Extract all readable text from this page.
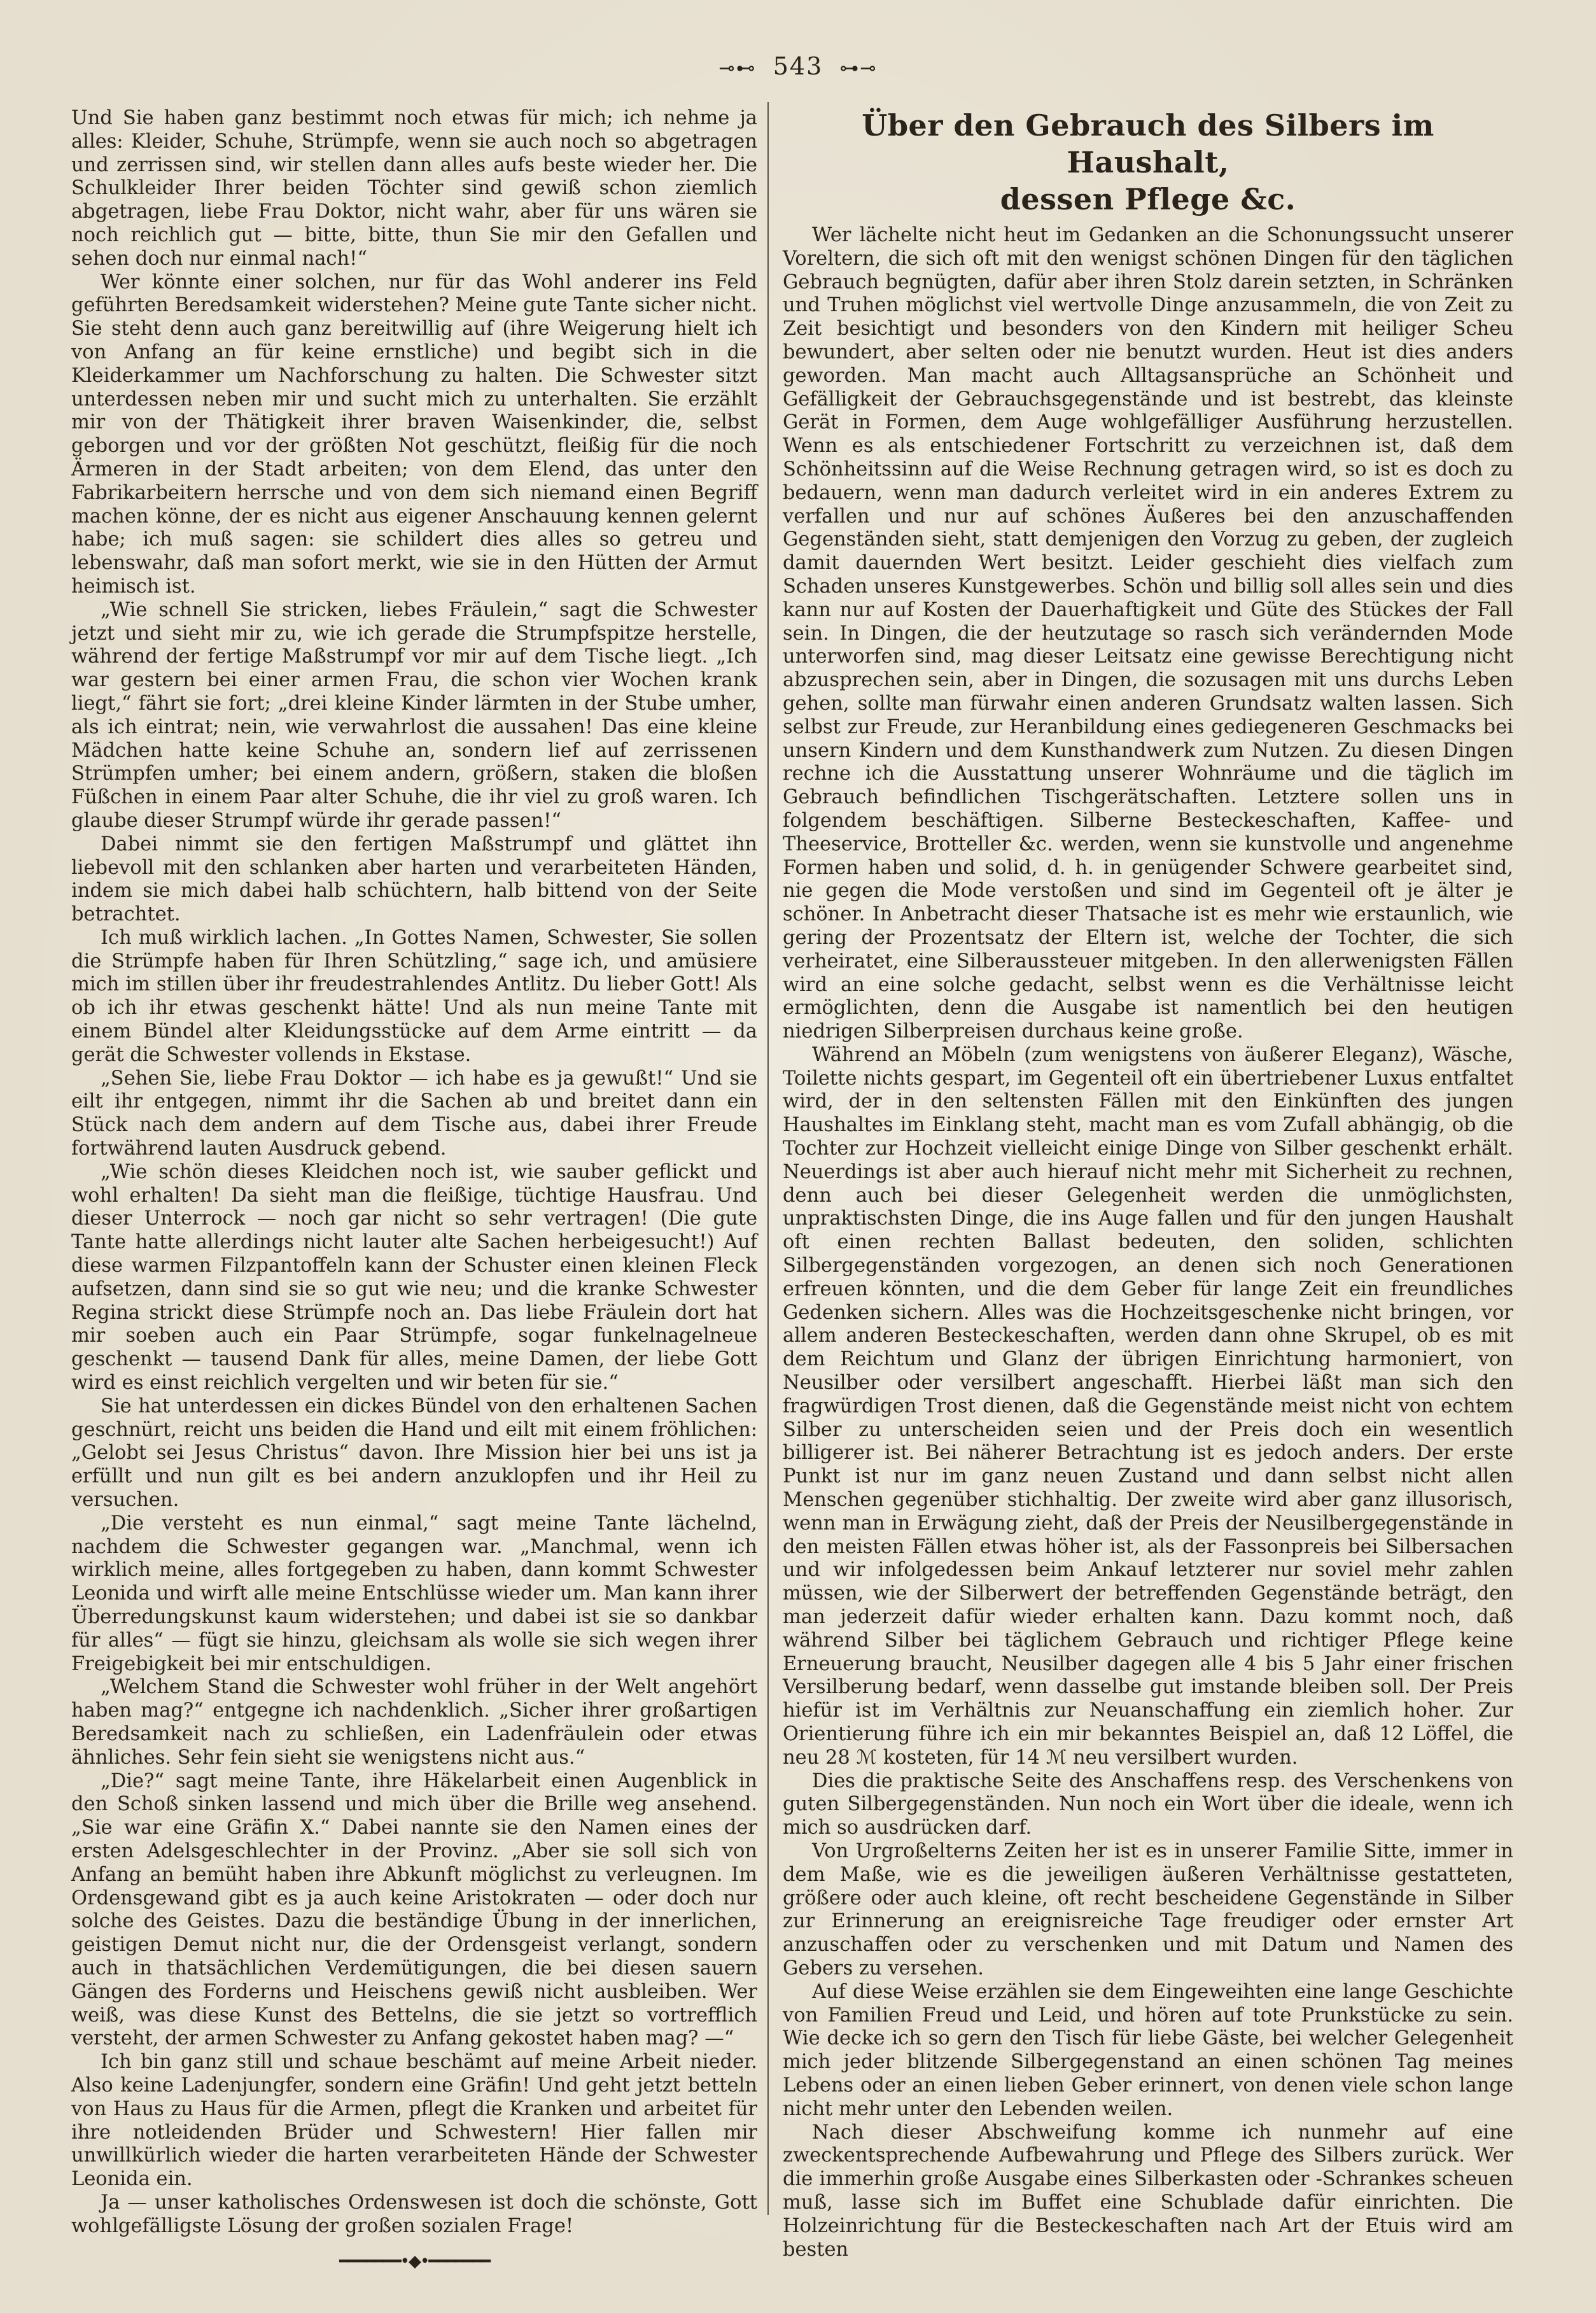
⊸⊷ 543 ⊶⊸

Und Sie haben ganz bestimmt noch etwas für mich; ich nehme ja alles: Kleider, Schuhe, Strümpfe, wenn sie auch noch so abgetragen und zerrissen sind, wir stellen dann alles aufs beste wieder her. Die Schulkleider Ihrer beiden Töchter sind gewiß schon ziemlich abgetragen, liebe Frau Doktor, nicht wahr, aber für uns wären sie noch reichlich gut — bitte, bitte, thun Sie mir den Gefallen und sehen doch nur einmal nach!“

Wer könnte einer solchen, nur für das Wohl anderer ins Feld geführten Beredsamkeit widerstehen? Meine gute Tante sicher nicht. Sie steht denn auch ganz bereitwillig auf (ihre Weigerung hielt ich von Anfang an für keine ernstliche) und begibt sich in die Kleiderkammer um Nachforschung zu halten. Die Schwester sitzt unterdessen neben mir und sucht mich zu unterhalten. Sie erzählt mir von der Thätigkeit ihrer braven Waisenkinder, die, selbst geborgen und vor der größten Not geschützt, fleißig für die noch Ärmeren in der Stadt arbeiten; von dem Elend, das unter den Fabrikarbeitern herrsche und von dem sich niemand einen Begriff machen könne, der es nicht aus eigener Anschauung kennen gelernt habe; ich muß sagen: sie schildert dies alles so getreu und lebenswahr, daß man sofort merkt, wie sie in den Hütten der Armut heimisch ist.

„Wie schnell Sie stricken, liebes Fräulein,“ sagt die Schwester jetzt und sieht mir zu, wie ich gerade die Strumpfspitze herstelle, während der fertige Maßstrumpf vor mir auf dem Tische liegt. „Ich war gestern bei einer armen Frau, die schon vier Wochen krank liegt,“ fährt sie fort; „drei kleine Kinder lärmten in der Stube umher, als ich eintrat; nein, wie verwahrlost die aussahen! Das eine kleine Mädchen hatte keine Schuhe an, sondern lief auf zerrissenen Strümpfen umher; bei einem andern, größern, staken die bloßen Füßchen in einem Paar alter Schuhe, die ihr viel zu groß waren. Ich glaube dieser Strumpf würde ihr gerade passen!“

Dabei nimmt sie den fertigen Maßstrumpf und glättet ihn liebevoll mit den schlanken aber harten und verarbeiteten Händen, indem sie mich dabei halb schüchtern, halb bittend von der Seite betrachtet.

Ich muß wirklich lachen. „In Gottes Namen, Schwester, Sie sollen die Strümpfe haben für Ihren Schützling,“ sage ich, und amüsiere mich im stillen über ihr freudestrahlendes Antlitz. Du lieber Gott! Als ob ich ihr etwas geschenkt hätte! Und als nun meine Tante mit einem Bündel alter Kleidungsstücke auf dem Arme eintritt — da gerät die Schwester vollends in Ekstase.

„Sehen Sie, liebe Frau Doktor — ich habe es ja gewußt!“ Und sie eilt ihr entgegen, nimmt ihr die Sachen ab und breitet dann ein Stück nach dem andern auf dem Tische aus, dabei ihrer Freude fortwährend lauten Ausdruck gebend.

„Wie schön dieses Kleidchen noch ist, wie sauber geflickt und wohl erhalten! Da sieht man die fleißige, tüchtige Hausfrau. Und dieser Unterrock — noch gar nicht so sehr vertragen! (Die gute Tante hatte allerdings nicht lauter alte Sachen herbeigesucht!) Auf diese warmen Filzpantoffeln kann der Schuster einen kleinen Fleck aufsetzen, dann sind sie so gut wie neu; und die kranke Schwester Regina strickt diese Strümpfe noch an. Das liebe Fräulein dort hat mir soeben auch ein Paar Strümpfe, sogar funkelnagelneue geschenkt — tausend Dank für alles, meine Damen, der liebe Gott wird es einst reichlich vergelten und wir beten für sie.“

Sie hat unterdessen ein dickes Bündel von den erhaltenen Sachen geschnürt, reicht uns beiden die Hand und eilt mit einem fröhlichen: „Gelobt sei Jesus Christus“ davon. Ihre Mission hier bei uns ist ja erfüllt und nun gilt es bei andern anzuklopfen und ihr Heil zu versuchen.

„Die versteht es nun einmal,“ sagt meine Tante lächelnd, nachdem die Schwester gegangen war. „Manchmal, wenn ich wirklich meine, alles fortgegeben zu haben, dann kommt Schwester Leonida und wirft alle meine Entschlüsse wieder um. Man kann ihrer Überredungskunst kaum widerstehen; und dabei ist sie so dankbar für alles“ — fügt sie hinzu, gleichsam als wolle sie sich wegen ihrer Freigebigkeit bei mir entschuldigen.

„Welchem Stand die Schwester wohl früher in der Welt angehört haben mag?“ entgegne ich nachdenklich. „Sicher ihrer großartigen Beredsamkeit nach zu schließen, ein Ladenfräulein oder etwas ähnliches. Sehr fein sieht sie wenigstens nicht aus.“

„Die?“ sagt meine Tante, ihre Häkelarbeit einen Augenblick in den Schoß sinken lassend und mich über die Brille weg ansehend. „Sie war eine Gräfin X.“ Dabei nannte sie den Namen eines der ersten Adelsgeschlechter in der Provinz. „Aber sie soll sich von Anfang an bemüht haben ihre Abkunft möglichst zu verleugnen. Im Ordensgewand gibt es ja auch keine Aristokraten — oder doch nur solche des Geistes. Dazu die beständige Übung in der innerlichen, geistigen Demut nicht nur, die der Ordensgeist verlangt, sondern auch in thatsächlichen Verdemütigungen, die bei diesen sauern Gängen des Forderns und Heischens gewiß nicht ausbleiben. Wer weiß, was diese Kunst des Bettelns, die sie jetzt so vortrefflich versteht, der armen Schwester zu Anfang gekostet haben mag? —“

Ich bin ganz still und schaue beschämt auf meine Arbeit nieder. Also keine Ladenjungfer, sondern eine Gräfin! Und geht jetzt betteln von Haus zu Haus für die Armen, pflegt die Kranken und arbeitet für ihre notleidenden Brüder und Schwestern! Hier fallen mir unwillkürlich wieder die harten verarbeiteten Hände der Schwester Leonida ein.

Ja — unser katholisches Ordenswesen ist doch die schönste, Gott wohlgefälligste Lösung der großen sozialen Frage!

━━━━━━━•◆•━━━━━━━
Über den Gebrauch des Silbers im Haushalt,
dessen Pflege &c.

Wer lächelte nicht heut im Gedanken an die Schonungssucht unserer Voreltern, die sich oft mit den wenigst schönen Dingen für den täglichen Gebrauch begnügten, dafür aber ihren Stolz darein setzten, in Schränken und Truhen möglichst viel wertvolle Dinge anzusammeln, die von Zeit zu Zeit besichtigt und besonders von den Kindern mit heiliger Scheu bewundert, aber selten oder nie benutzt wurden. Heut ist dies anders geworden. Man macht auch Alltagsansprüche an Schönheit und Gefälligkeit der Gebrauchsgegenstände und ist bestrebt, das kleinste Gerät in Formen, dem Auge wohlgefälliger Ausführung herzustellen. Wenn es als entschiedener Fortschritt zu verzeichnen ist, daß dem Schönheitssinn auf die Weise Rechnung getragen wird, so ist es doch zu bedauern, wenn man dadurch verleitet wird in ein anderes Extrem zu verfallen und nur auf schönes Äußeres bei den anzuschaffenden Gegenständen sieht, statt demjenigen den Vorzug zu geben, der zugleich damit dauernden Wert besitzt. Leider geschieht dies vielfach zum Schaden unseres Kunstgewerbes. Schön und billig soll alles sein und dies kann nur auf Kosten der Dauerhaftigkeit und Güte des Stückes der Fall sein. In Dingen, die der heutzutage so rasch sich verändernden Mode unterworfen sind, mag dieser Leitsatz eine gewisse Berechtigung nicht abzusprechen sein, aber in Dingen, die sozusagen mit uns durchs Leben gehen, sollte man fürwahr einen anderen Grundsatz walten lassen. Sich selbst zur Freude, zur Heranbildung eines gediegeneren Geschmacks bei unsern Kindern und dem Kunsthandwerk zum Nutzen. Zu diesen Dingen rechne ich die Ausstattung unserer Wohnräume und die täglich im Gebrauch befindlichen Tischgerätschaften. Letztere sollen uns in folgendem beschäftigen. Silberne Besteckeschaften, Kaffee- und Theeservice, Brotteller &c. werden, wenn sie kunstvolle und angenehme Formen haben und solid, d. h. in genügender Schwere gearbeitet sind, nie gegen die Mode verstoßen und sind im Gegenteil oft je älter je schöner. In Anbetracht dieser Thatsache ist es mehr wie erstaunlich, wie gering der Prozentsatz der Eltern ist, welche der Tochter, die sich verheiratet, eine Silberaussteuer mitgeben. In den allerwenigsten Fällen wird an eine solche gedacht, selbst wenn es die Verhältnisse leicht ermöglichten, denn die Ausgabe ist namentlich bei den heutigen niedrigen Silberpreisen durchaus keine große.

Während an Möbeln (zum wenigstens von äußerer Eleganz), Wäsche, Toilette nichts gespart, im Gegenteil oft ein übertriebener Luxus entfaltet wird, der in den seltensten Fällen mit den Einkünften des jungen Haushaltes im Einklang steht, macht man es vom Zufall abhängig, ob die Tochter zur Hochzeit vielleicht einige Dinge von Silber geschenkt erhält. Neuerdings ist aber auch hierauf nicht mehr mit Sicherheit zu rechnen, denn auch bei dieser Gelegenheit werden die unmöglichsten, unpraktischsten Dinge, die ins Auge fallen und für den jungen Haushalt oft einen rechten Ballast bedeuten, den soliden, schlichten Silbergegenständen vorgezogen, an denen sich noch Generationen erfreuen könnten, und die dem Geber für lange Zeit ein freundliches Gedenken sichern. Alles was die Hochzeitsgeschenke nicht bringen, vor allem anderen Besteckeschaften, werden dann ohne Skrupel, ob es mit dem Reichtum und Glanz der übrigen Einrichtung harmoniert, von Neusilber oder versilbert angeschafft. Hierbei läßt man sich den fragwürdigen Trost dienen, daß die Gegenstände meist nicht von echtem Silber zu unterscheiden seien und der Preis doch ein wesentlich billigerer ist. Bei näherer Betrachtung ist es jedoch anders. Der erste Punkt ist nur im ganz neuen Zustand und dann selbst nicht allen Menschen gegenüber stichhaltig. Der zweite wird aber ganz illusorisch, wenn man in Erwägung zieht, daß der Preis der Neusilbergegenstände in den meisten Fällen etwas höher ist, als der Fassonpreis bei Silbersachen und wir infolgedessen beim Ankauf letzterer nur soviel mehr zahlen müssen, wie der Silberwert der betreffenden Gegenstände beträgt, den man jederzeit dafür wieder erhalten kann. Dazu kommt noch, daß während Silber bei täglichem Gebrauch und richtiger Pflege keine Erneuerung braucht, Neusilber dagegen alle 4 bis 5 Jahr einer frischen Versilberung bedarf, wenn dasselbe gut imstande bleiben soll. Der Preis hiefür ist im Verhältnis zur Neuanschaffung ein ziemlich hoher. Zur Orientierung führe ich ein mir bekanntes Beispiel an, daß 12 Löffel, die neu 28 ℳ kosteten, für 14 ℳ neu versilbert wurden.

Dies die praktische Seite des Anschaffens resp. des Verschenkens von guten Silbergegenständen. Nun noch ein Wort über die ideale, wenn ich mich so ausdrücken darf.

Von Urgroßelterns Zeiten her ist es in unserer Familie Sitte, immer in dem Maße, wie es die jeweiligen äußeren Verhältnisse gestatteten, größere oder auch kleine, oft recht bescheidene Gegenstände in Silber zur Erinnerung an ereignisreiche Tage freudiger oder ernster Art anzuschaffen oder zu verschenken und mit Datum und Namen des Gebers zu versehen.

Auf diese Weise erzählen sie dem Eingeweihten eine lange Geschichte von Familien Freud und Leid, und hören auf tote Prunkstücke zu sein. Wie decke ich so gern den Tisch für liebe Gäste, bei welcher Gelegenheit mich jeder blitzende Silbergegenstand an einen schönen Tag meines Lebens oder an einen lieben Geber erinnert, von denen viele schon lange nicht mehr unter den Lebenden weilen.

Nach dieser Abschweifung komme ich nunmehr auf eine zweckentsprechende Aufbewahrung und Pflege des Silbers zurück. Wer die immerhin große Ausgabe eines Silberkasten oder -Schrankes scheuen muß, lasse sich im Buffet eine Schublade dafür einrichten. Die Holzeinrichtung für die Besteckeschaften nach Art der Etuis wird am besten
